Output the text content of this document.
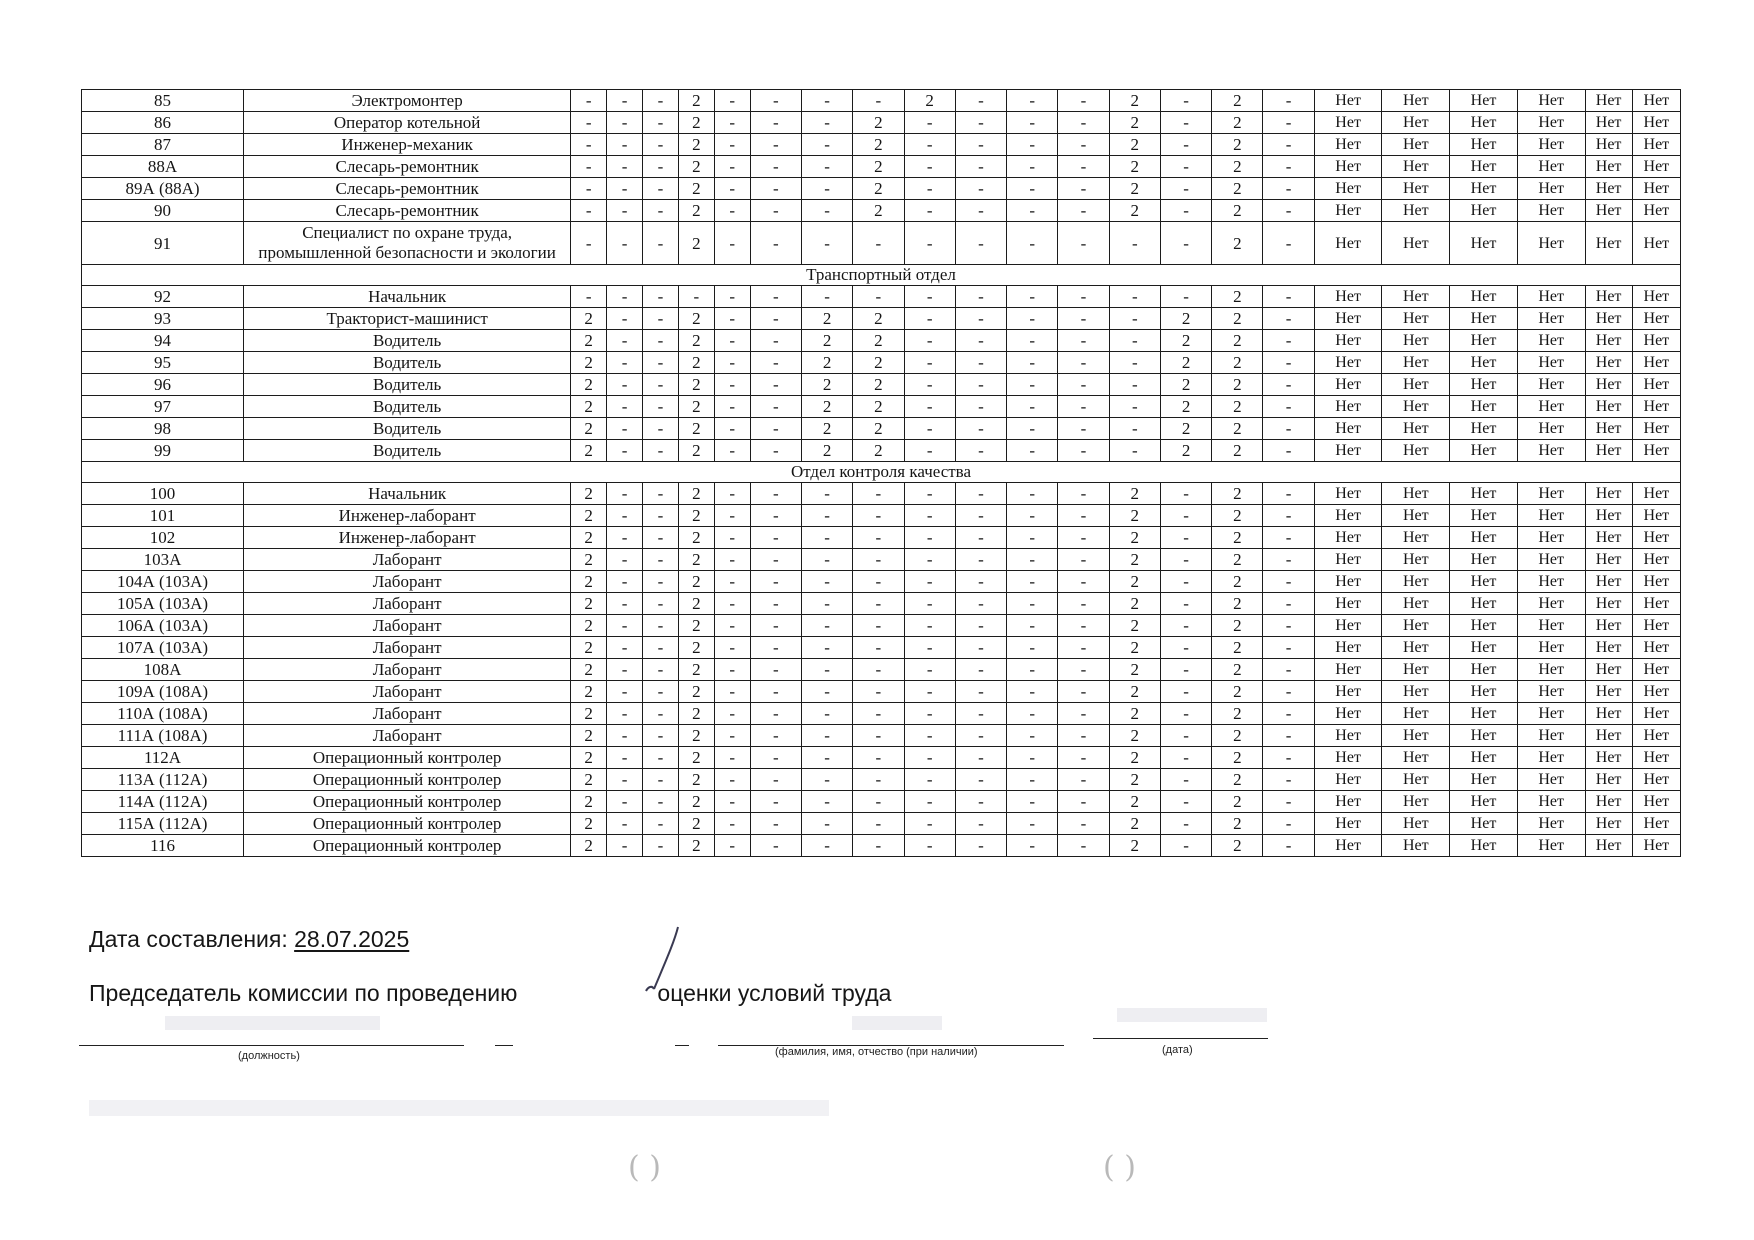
85	Электромонтер	-	-	-	2	-	-	-	-	2	-	-	-	2	-	2	-	Нет	Нет	Нет	Нет	Нет	Нет
86	Оператор котельной	-	-	-	2	-	-	-	2	-	-	-	-	2	-	2	-	Нет	Нет	Нет	Нет	Нет	Нет
87	Инженер-механик	-	-	-	2	-	-	-	2	-	-	-	-	2	-	2	-	Нет	Нет	Нет	Нет	Нет	Нет
88А	Слесарь-ремонтник	-	-	-	2	-	-	-	2	-	-	-	-	2	-	2	-	Нет	Нет	Нет	Нет	Нет	Нет
89А (88А)	Слесарь-ремонтник	-	-	-	2	-	-	-	2	-	-	-	-	2	-	2	-	Нет	Нет	Нет	Нет	Нет	Нет
90	Слесарь-ремонтник	-	-	-	2	-	-	-	2	-	-	-	-	2	-	2	-	Нет	Нет	Нет	Нет	Нет	Нет
91	Специалист по охране труда, промышленной безопасности и экологии	-	-	-	2	-	-	-	-	-	-	-	-	-	-	2	-	Нет	Нет	Нет	Нет	Нет	Нет
Транспортный отдел																							
92	Начальник	-	-	-	-	-	-	-	-	-	-	-	-	-	-	2	-	Нет	Нет	Нет	Нет	Нет	Нет
93	Тракторист-машинист	2	-	-	2	-	-	2	2	-	-	-	-	-	2	2	-	Нет	Нет	Нет	Нет	Нет	Нет
94	Водитель	2	-	-	2	-	-	2	2	-	-	-	-	-	2	2	-	Нет	Нет	Нет	Нет	Нет	Нет
95	Водитель	2	-	-	2	-	-	2	2	-	-	-	-	-	2	2	-	Нет	Нет	Нет	Нет	Нет	Нет
96	Водитель	2	-	-	2	-	-	2	2	-	-	-	-	-	2	2	-	Нет	Нет	Нет	Нет	Нет	Нет
97	Водитель	2	-	-	2	-	-	2	2	-	-	-	-	-	2	2	-	Нет	Нет	Нет	Нет	Нет	Нет
98	Водитель	2	-	-	2	-	-	2	2	-	-	-	-	-	2	2	-	Нет	Нет	Нет	Нет	Нет	Нет
99	Водитель	2	-	-	2	-	-	2	2	-	-	-	-	-	2	2	-	Нет	Нет	Нет	Нет	Нет	Нет
Отдел контроля качества																							
100	Начальник	2	-	-	2	-	-	-	-	-	-	-	-	2	-	2	-	Нет	Нет	Нет	Нет	Нет	Нет
101	Инженер-лаборант	2	-	-	2	-	-	-	-	-	-	-	-	2	-	2	-	Нет	Нет	Нет	Нет	Нет	Нет
102	Инженер-лаборант	2	-	-	2	-	-	-	-	-	-	-	-	2	-	2	-	Нет	Нет	Нет	Нет	Нет	Нет
103А	Лаборант	2	-	-	2	-	-	-	-	-	-	-	-	2	-	2	-	Нет	Нет	Нет	Нет	Нет	Нет
104А (103А)	Лаборант	2	-	-	2	-	-	-	-	-	-	-	-	2	-	2	-	Нет	Нет	Нет	Нет	Нет	Нет
105А (103А)	Лаборант	2	-	-	2	-	-	-	-	-	-	-	-	2	-	2	-	Нет	Нет	Нет	Нет	Нет	Нет
106А (103А)	Лаборант	2	-	-	2	-	-	-	-	-	-	-	-	2	-	2	-	Нет	Нет	Нет	Нет	Нет	Нет
107А (103А)	Лаборант	2	-	-	2	-	-	-	-	-	-	-	-	2	-	2	-	Нет	Нет	Нет	Нет	Нет	Нет
108А	Лаборант	2	-	-	2	-	-	-	-	-	-	-	-	2	-	2	-	Нет	Нет	Нет	Нет	Нет	Нет
109А (108А)	Лаборант	2	-	-	2	-	-	-	-	-	-	-	-	2	-	2	-	Нет	Нет	Нет	Нет	Нет	Нет
110А (108А)	Лаборант	2	-	-	2	-	-	-	-	-	-	-	-	2	-	2	-	Нет	Нет	Нет	Нет	Нет	Нет
111А (108А)	Лаборант	2	-	-	2	-	-	-	-	-	-	-	-	2	-	2	-	Нет	Нет	Нет	Нет	Нет	Нет
112А	Операционный контролер	2	-	-	2	-	-	-	-	-	-	-	-	2	-	2	-	Нет	Нет	Нет	Нет	Нет	Нет
113А (112А)	Операционный контролер	2	-	-	2	-	-	-	-	-	-	-	-	2	-	2	-	Нет	Нет	Нет	Нет	Нет	Нет
114А (112А)	Операционный контролер	2	-	-	2	-	-	-	-	-	-	-	-	2	-	2	-	Нет	Нет	Нет	Нет	Нет	Нет
115А (112А)	Операционный контролер	2	-	-	2	-	-	-	-	-	-	-	-	2	-	2	-	Нет	Нет	Нет	Нет	Нет	Нет
116	Операционный контролер	2	-	-	2	-	-	-	-	-	-	-	-	2	-	2	-	Нет	Нет	Нет	Нет	Нет	Нет
Дата составления: 28.07.2025
Председатель комиссии по проведению	оценки условий труда
(должность)	(фамилия, имя, отчество (при наличии)	(дата)
( )	( )
